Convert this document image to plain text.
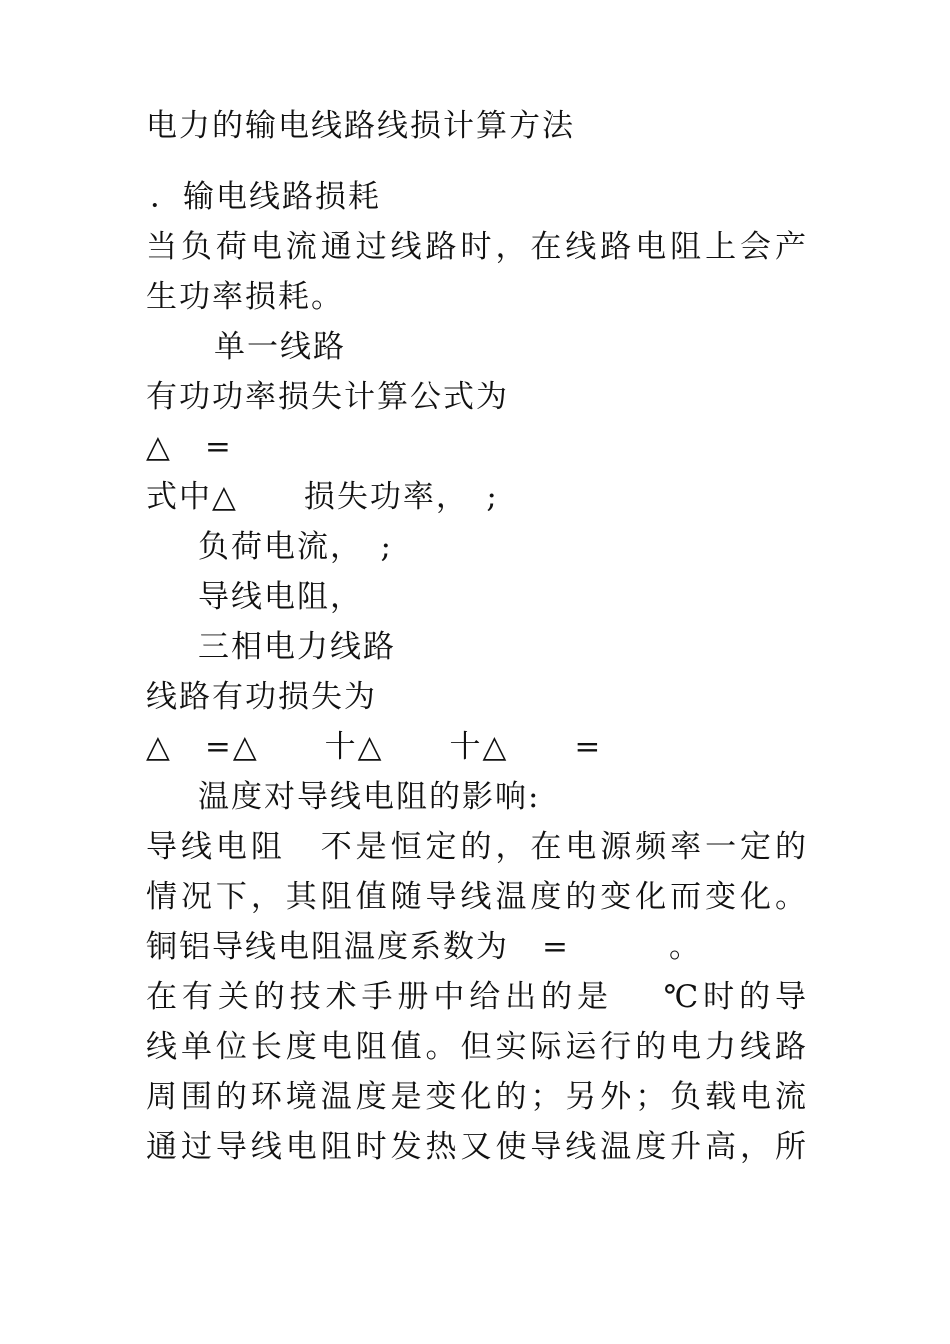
电力的输电线路线损计算方法
．输电线路损耗
当负荷电流通过线路时，在线路电阻上会产
生功率损耗。
单一线路
有功功率损失计算公式为
△　=
式中△　　损失功率，　;
负荷电流，　;
导线电阻，
三相电力线路
线路有功损失为
△　=△　　十△　　十△　　=
温度对导线电阻的影响:
导线电阻　不是恒定的，在电源频率一定的
情况下，其阻值随导线温度的变化而变化。
铜铝导线电阻温度系数为　=　　　。
在有关的技术手册中给出的是　 ℃时的导
线单位长度电阻值。但实际运行的电力线路
周围的环境温度是变化的；另外；负载电流
通过导线电阻时发热又使导线温度升高，所
